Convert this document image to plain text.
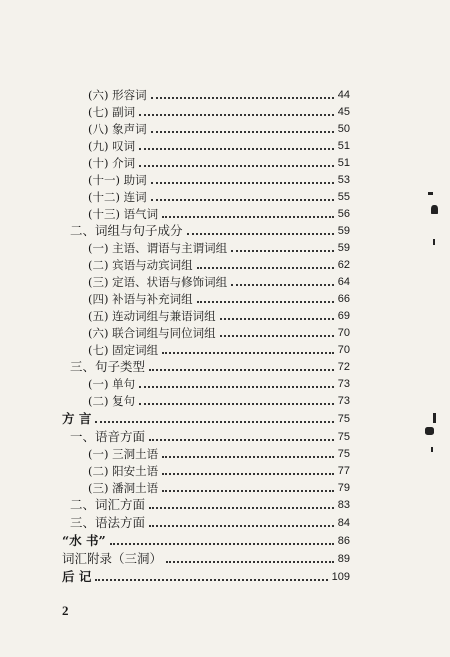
(六) 形容词	44
(七) 副词	45
(八) 象声词	50
(九) 叹词	51
(十) 介词	51
(十一) 助词	53
(十二) 连词	55
(十三) 语气词	56
二、词组与句子成分	59
(一) 主语、谓语与主谓词组	59
(二) 宾语与动宾词组	62
(三) 定语、状语与修饰词组	64
(四) 补语与补充词组	66
(五) 连动词组与兼语词组	69
(六) 联合词组与同位词组	70
(七) 固定词组	70
三、句子类型	72
(一) 单句	73
(二) 复句	73
方 言	75
一、语音方面	75
(一) 三洞土语	75
(二) 阳安土语	77
(三) 潘洞土语	79
二、词汇方面	83
三、语法方面	84
“水 书”	86
词汇附录（三洞）	89
后 记	109
2
